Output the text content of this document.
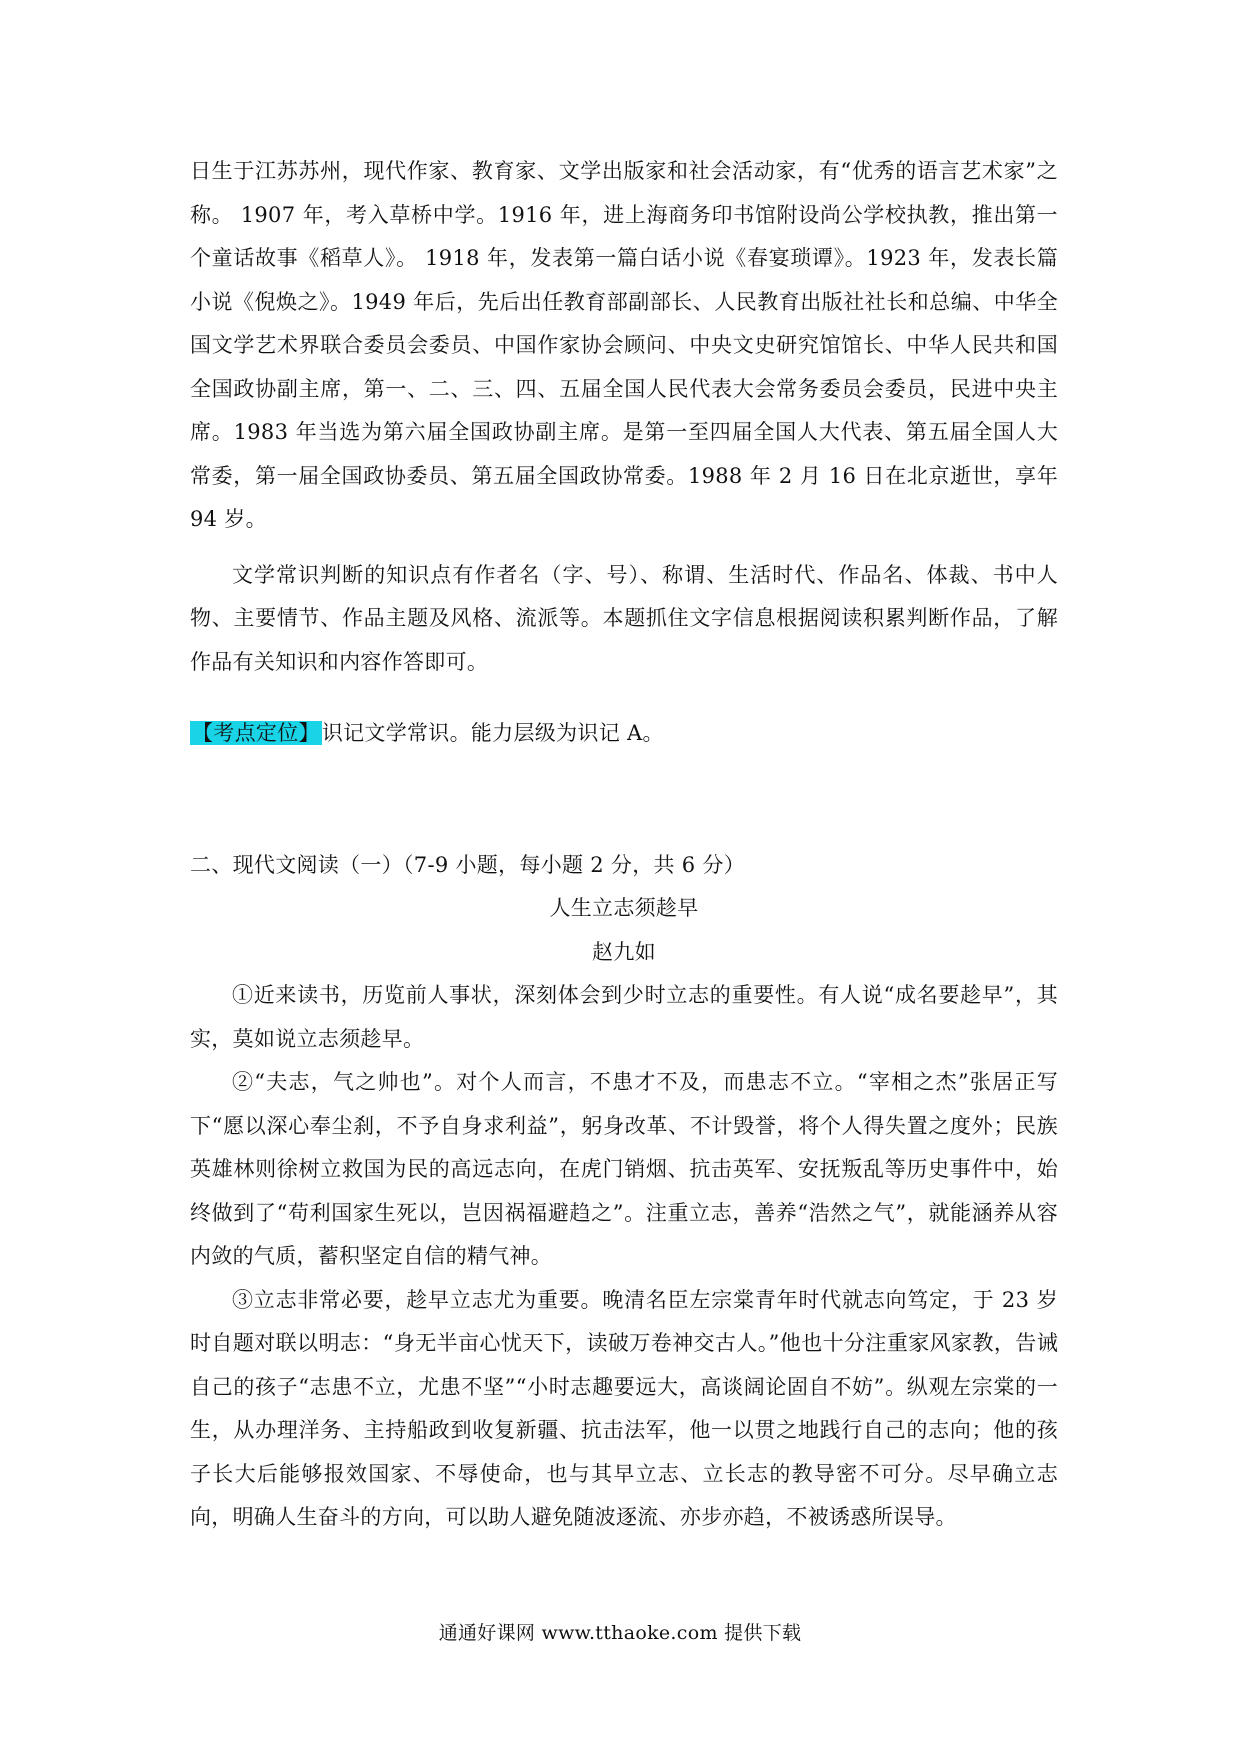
日生于江苏苏州，现代作家、教育家、文学出版家和社会活动家，有“优秀的语言艺术家”之称。 1907 年，考入草桥中学。1916 年，进上海商务印书馆附设尚公学校执教，推出第一个童话故事《稻草人》。 1918 年，发表第一篇白话小说《春宴琐谭》。1923 年，发表长篇小说《倪焕之》。1949 年后，先后出任教育部副部长、人民教育出版社社长和总编、中华全国文学艺术界联合委员会委员、中国作家协会顾问、中央文史研究馆馆长、中华人民共和国全国政协副主席，第一、二、三、四、五届全国人民代表大会常务委员会委员，民进中央主席。1983 年当选为第六届全国政协副主席。是第一至四届全国人大代表、第五届全国人大常委，第一届全国政协委员、第五届全国政协常委。1988 年 2 月 16 日在北京逝世，享年 94 岁。

文学常识判断的知识点有作者名（字、号）、称谓、生活时代、作品名、体裁、书中人物、主要情节、作品主题及风格、流派等。本题抓住文字信息根据阅读积累判断作品，了解作品有关知识和内容作答即可。

【考点定位】识记文学常识。能力层级为识记 A。

二、现代文阅读（一）（7-9 小题，每小题 2 分，共 6 分）

人生立志须趁早

赵九如

①近来读书，历览前人事状，深刻体会到少时立志的重要性。有人说“成名要趁早”，其实，莫如说立志须趁早。

②“夫志，气之帅也”。对个人而言，不患才不及，而患志不立。“宰相之杰”张居正写下“愿以深心奉尘刹，不予自身求利益”，躬身改革、不计毁誉，将个人得失置之度外；民族英雄林则徐树立救国为民的高远志向，在虎门销烟、抗击英军、安抚叛乱等历史事件中，始终做到了“苟利国家生死以，岂因祸福避趋之”。注重立志，善养“浩然之气”，就能涵养从容内敛的气质，蓄积坚定自信的精气神。

③立志非常必要，趁早立志尤为重要。晚清名臣左宗棠青年时代就志向笃定，于 23 岁时自题对联以明志：“身无半亩心忧天下，读破万卷神交古人。”他也十分注重家风家教，告诫自己的孩子“志患不立，尤患不坚”“小时志趣要远大，高谈阔论固自不妨”。纵观左宗棠的一生，从办理洋务、主持船政到收复新疆、抗击法军，他一以贯之地践行自己的志向；他的孩子长大后能够报效国家、不辱使命，也与其早立志、立长志的教导密不可分。尽早确立志向，明确人生奋斗的方向，可以助人避免随波逐流、亦步亦趋，不被诱惑所误导。

通通好课网 www.tthaoke.com 提供下载
